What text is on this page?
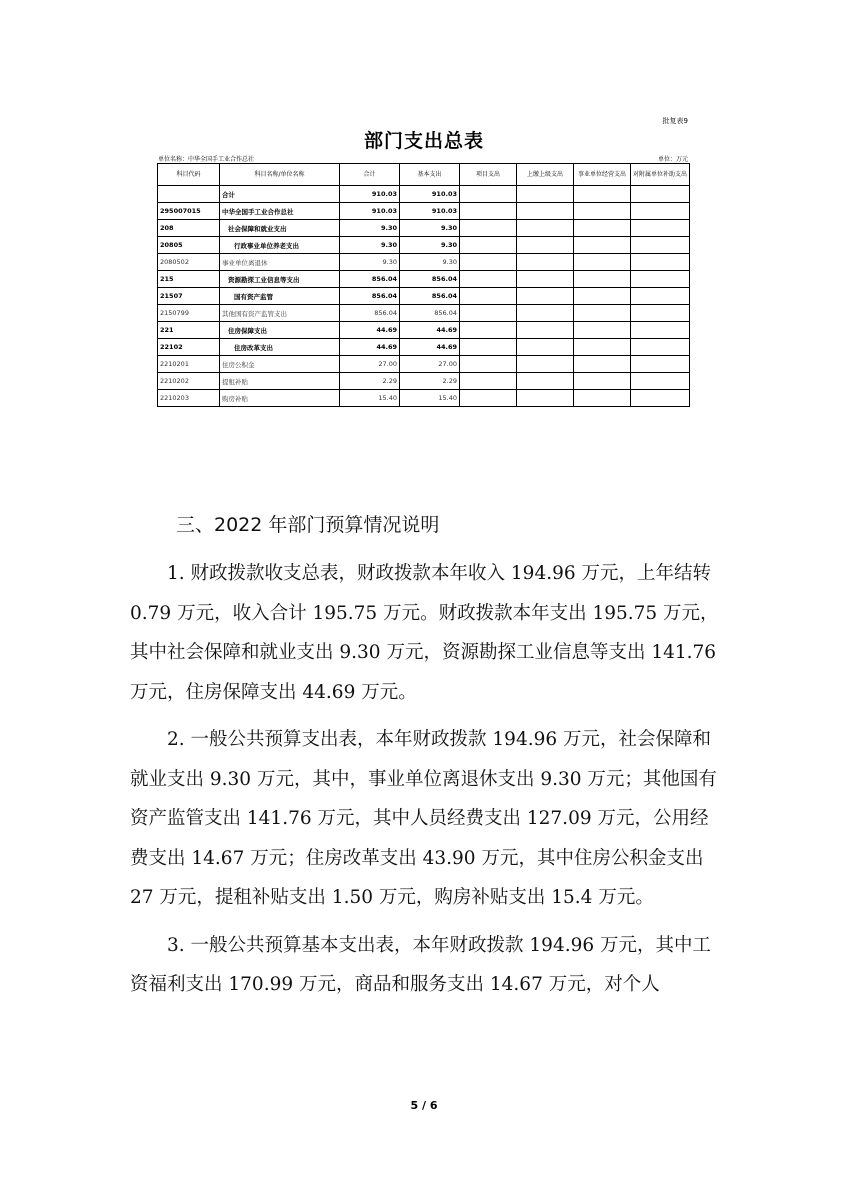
批复表9
部门支出总表
单位名称：中华全国手工业合作总社	单位：万元
科目代码	科目名称/单位名称	合计	基本支出	项目支出	上缴上级支出	事业单位经营支出	对附属单位补助支出
	合计	910.03	910.03				
295007015	中华全国手工业合作总社	910.03	910.03				
208	社会保障和就业支出	9.30	9.30				
20805	行政事业单位养老支出	9.30	9.30				
2080502	事业单位离退休	9.30	9.30				
215	资源勘探工业信息等支出	856.04	856.04				
21507	国有资产监管	856.04	856.04				
2150799	其他国有资产监管支出	856.04	856.04				
221	住房保障支出	44.69	44.69				
22102	住房改革支出	44.69	44.69				
2210201	住房公积金	27.00	27.00				
2210202	提租补贴	2.29	2.29				
2210203	购房补贴	15.40	15.40				
三、2022 年部门预算情况说明

1. 财政拨款收支总表，财政拨款本年收入 194.96 万元，上年结转 0.79 万元，收入合计 195.75 万元。财政拨款本年支出 195.75 万元，其中社会保障和就业支出 9.30 万元，资源勘探工业信息等支出 141.76 万元，住房保障支出 44.69 万元。

2. 一般公共预算支出表，本年财政拨款 194.96 万元，社会保障和就业支出 9.30 万元，其中，事业单位离退休支出 9.30 万元；其他国有资产监管支出 141.76 万元，其中人员经费支出 127.09 万元，公用经费支出 14.67 万元；住房改革支出 43.90 万元，其中住房公积金支出 27 万元，提租补贴支出 1.50 万元，购房补贴支出 15.4 万元。

3. 一般公共预算基本支出表，本年财政拨款 194.96 万元，其中工资福利支出 170.99 万元，商品和服务支出 14.67 万元，对个人

5 / 6
